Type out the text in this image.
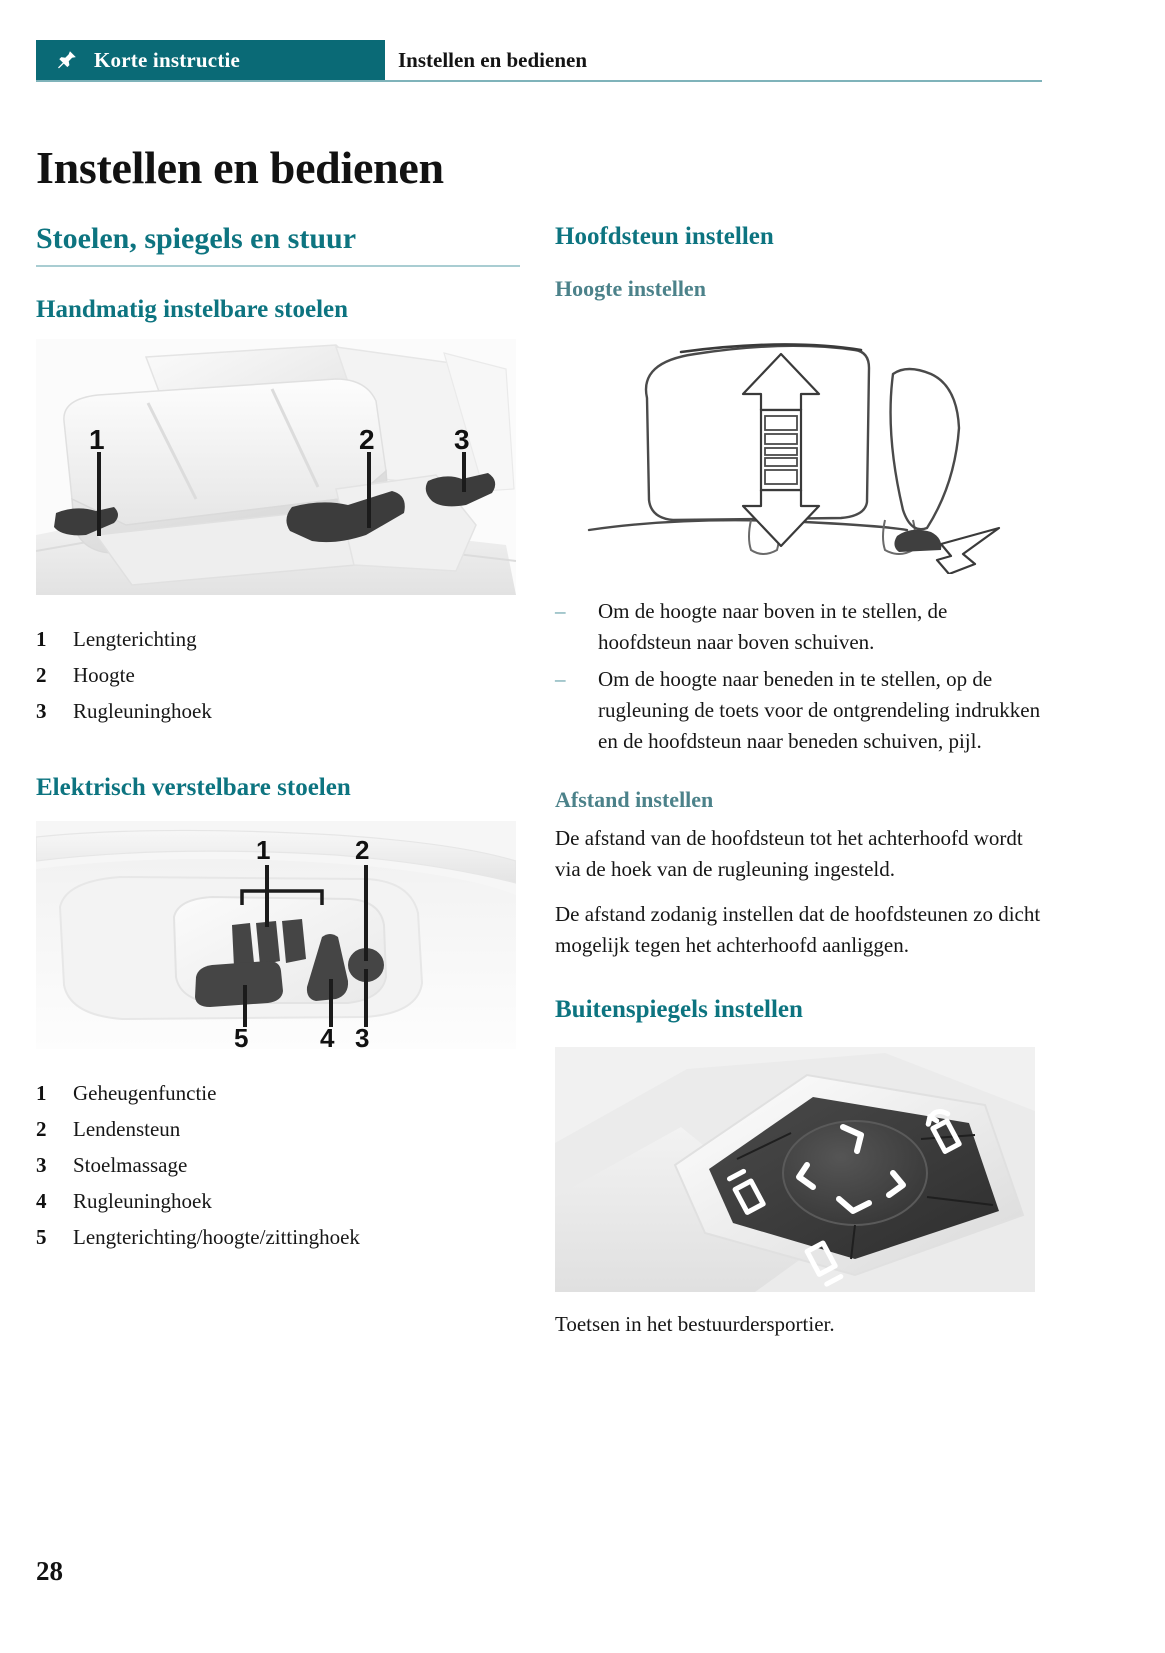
Korte instructie	Instellen en bedienen
Instellen en bedienen
Stoelen, spiegels en stuur
Handmatig instelbare stoelen
1	2	3
1	Lengterichting
2	Hoogte
3	Rugleuninghoek
Elektrisch verstelbare stoelen
1	2
5	4 3
1	Geheugenfunctie
2	Lendensteun
3	Stoelmassage
4	Rugleuninghoek
5	Lengterichting/hoogte/zittinghoek
Hoofdsteun instellen
Hoogte instellen
–	Om de hoogte naar boven in te stellen, de hoofdsteun naar boven schuiven.
–	Om de hoogte naar beneden in te stellen, op de rugleuning de toets voor de ontgrendeling indrukken en de hoofdsteun naar beneden schuiven, pijl.
Afstand instellen

De afstand van de hoofdsteun tot het achterhoofd wordt via de hoek van de rugleuning ingesteld.

De afstand zodanig instellen dat de hoofdsteunen zo dicht mogelijk tegen het achterhoofd aanliggen.

Buitenspiegels instellen

Toetsen in het bestuurdersportier.

28
